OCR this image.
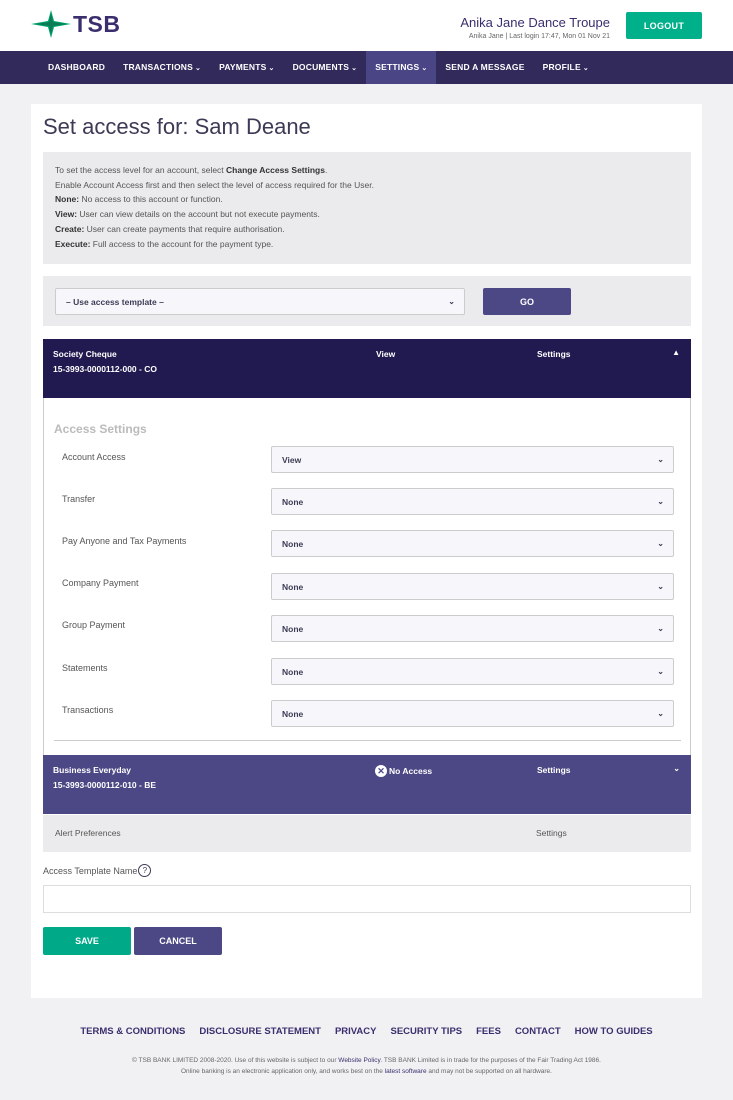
TSB	Anika Jane Dance Troupe
Anika Jane | Last login 17:47, Mon 01 Nov 21
LOGOUT
DASHBOARD	TRANSACTIONS ⌄	PAYMENTS ⌄	DOCUMENTS ⌄	SETTINGS ⌄	SEND A MESSAGE	PROFILE ⌄
Set access for: Sam Deane
To set the access level for an account, select Change Access Settings.
Enable Account Access first and then select the level of access required for the User.
None: No access to this account or function.
View: User can view details on the account but not execute payments.
Create: User can create payments that require authorisation.
Execute: Full access to the account for the payment type.
– Use access template –	⌄	GO
Society Cheque
15-3993-0000112-000 - CO
View	Settings	▲
Access Settings
Account Access	View	⌄
Transfer	None	⌄
Pay Anyone and Tax Payments	None	⌄
Company Payment	None	⌄
Group Payment	None	⌄
Statements	None	⌄
Transactions	None	⌄
Business Everyday
15-3993-0000112-010 - BE
✕ No Access	Settings	⌄
Alert Preferences	Settings
Access Template Name ?
SAVE	CANCEL
TERMS & CONDITIONS DISCLOSURE STATEMENT PRIVACY SECURITY TIPS FEES CONTACT HOW TO GUIDES
© TSB BANK LIMITED 2008-2020. Use of this website is subject to our Website Policy. TSB BANK Limited is in trade for the purposes of the Fair Trading Act 1986.
Online banking is an electronic application only, and works best on the latest software and may not be supported on all hardware.
